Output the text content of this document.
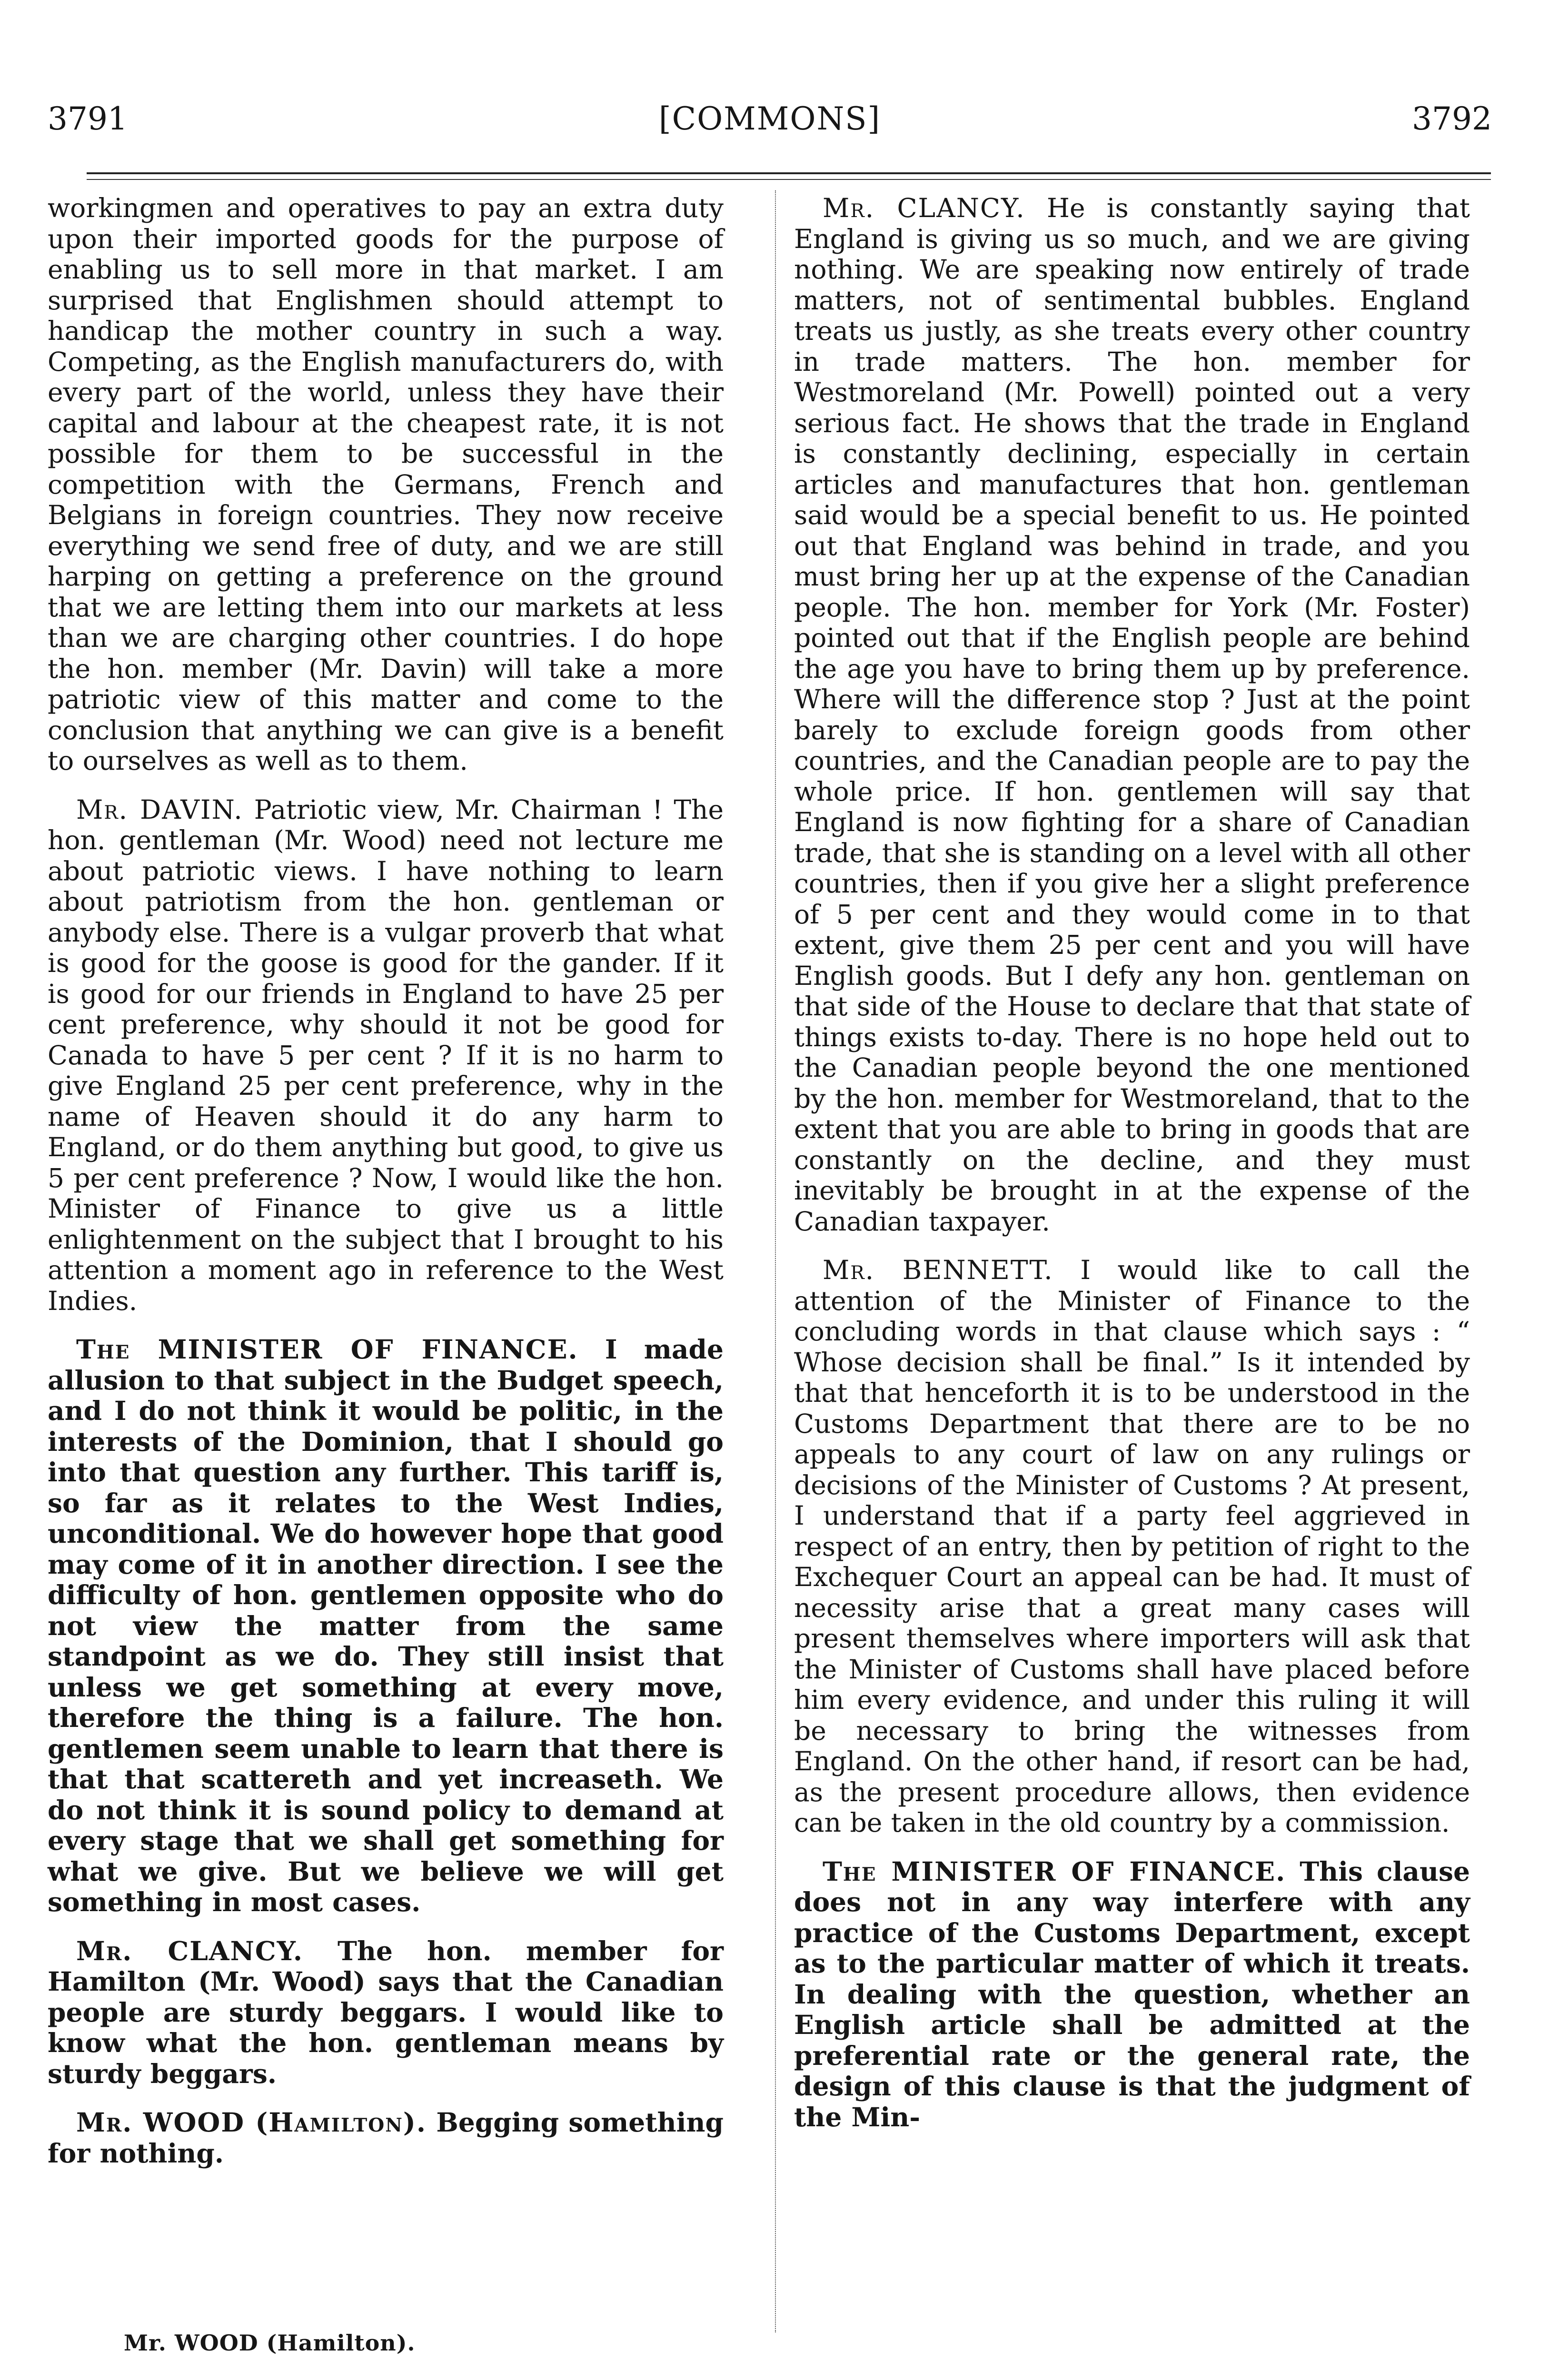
3791	[COMMONS]	3792

workingmen and operatives to pay an extra duty upon their imported goods for the purpose of enabling us to sell more in that market. I am surprised that Englishmen should attempt to handicap the mother country in such a way. Competing, as the English manufacturers do, with every part of the world, unless they have their capital and labour at the cheapest rate, it is not possible for them to be successful in the competition with the Germans, French and Belgians in foreign countries. They now receive everything we send free of duty, and we are still harping on getting a preference on the ground that we are letting them into our markets at less than we are charging other countries. I do hope the hon. member (Mr. Davin) will take a more patriotic view of this matter and come to the conclusion that anything we can give is a benefit to ourselves as well as to them.

Mr. DAVIN. Patriotic view, Mr. Chairman ! The hon. gentleman (Mr. Wood) need not lecture me about patriotic views. I have nothing to learn about patriotism from the hon. gentleman or anybody else. There is a vulgar proverb that what is good for the goose is good for the gander. If it is good for our friends in England to have 25 per cent preference, why should it not be good for Canada to have 5 per cent ? If it is no harm to give England 25 per cent preference, why in the name of Heaven should it do any harm to England, or do them anything but good, to give us 5 per cent preference ? Now, I would like the hon. Minister of Finance to give us a little enlightenment on the subject that I brought to his attention a moment ago in reference to the West Indies.

The MINISTER OF FINANCE. I made allusion to that subject in the Budget speech, and I do not think it would be politic, in the interests of the Dominion, that I should go into that question any further. This tariff is, so far as it relates to the West Indies, unconditional. We do however hope that good may come of it in another direction. I see the difficulty of hon. gentlemen opposite who do not view the matter from the same standpoint as we do. They still insist that unless we get something at every move, therefore the thing is a failure. The hon. gentlemen seem unable to learn that there is that that scattereth and yet increaseth. We do not think it is sound policy to demand at every stage that we shall get something for what we give. But we believe we will get something in most cases.

Mr. CLANCY. The hon. member for Hamilton (Mr. Wood) says that the Canadian people are sturdy beggars. I would like to know what the hon. gentleman means by sturdy beggars.

Mr. WOOD (Hamilton). Begging something for nothing.

Mr. CLANCY. He is constantly saying that England is giving us so much, and we are giving nothing. We are speaking now entirely of trade matters, not of sentimental bubbles. England treats us justly, as she treats every other country in trade matters. The hon. member for Westmoreland (Mr. Powell) pointed out a very serious fact. He shows that the trade in England is constantly declining, especially in certain articles and manufactures that hon. gentleman said would be a special benefit to us. He pointed out that England was behind in trade, and you must bring her up at the expense of the Canadian people. The hon. member for York (Mr. Foster) pointed out that if the English people are behind the age you have to bring them up by preference. Where will the difference stop ? Just at the point barely to exclude foreign goods from other countries, and the Canadian people are to pay the whole price. If hon. gentlemen will say that England is now fighting for a share of Canadian trade, that she is standing on a level with all other countries, then if you give her a slight preference of 5 per cent and they would come in to that extent, give them 25 per cent and you will have English goods. But I defy any hon. gentleman on that side of the House to declare that that state of things exists to-day. There is no hope held out to the Canadian people beyond the one mentioned by the hon. member for Westmoreland, that to the extent that you are able to bring in goods that are constantly on the decline, and they must inevitably be brought in at the expense of the Canadian taxpayer.

Mr. BENNETT. I would like to call the attention of the Minister of Finance to the concluding words in that clause which says : “ Whose decision shall be final.” Is it intended by that that henceforth it is to be understood in the Customs Department that there are to be no appeals to any court of law on any rulings or decisions of the Minister of Customs ? At present, I understand that if a party feel aggrieved in respect of an entry, then by petition of right to the Exchequer Court an appeal can be had. It must of necessity arise that a great many cases will present themselves where importers will ask that the Minister of Customs shall have placed before him every evidence, and under this ruling it will be necessary to bring the witnesses from England. On the other hand, if resort can be had, as the present procedure allows, then evidence can be taken in the old country by a commission.

The MINISTER OF FINANCE. This clause does not in any way interfere with any practice of the Customs Department, except as to the particular matter of which it treats. In dealing with the question, whether an English article shall be admitted at the preferential rate or the general rate, the design of this clause is that the judgment of the Min-

Mr. WOOD (Hamilton).
